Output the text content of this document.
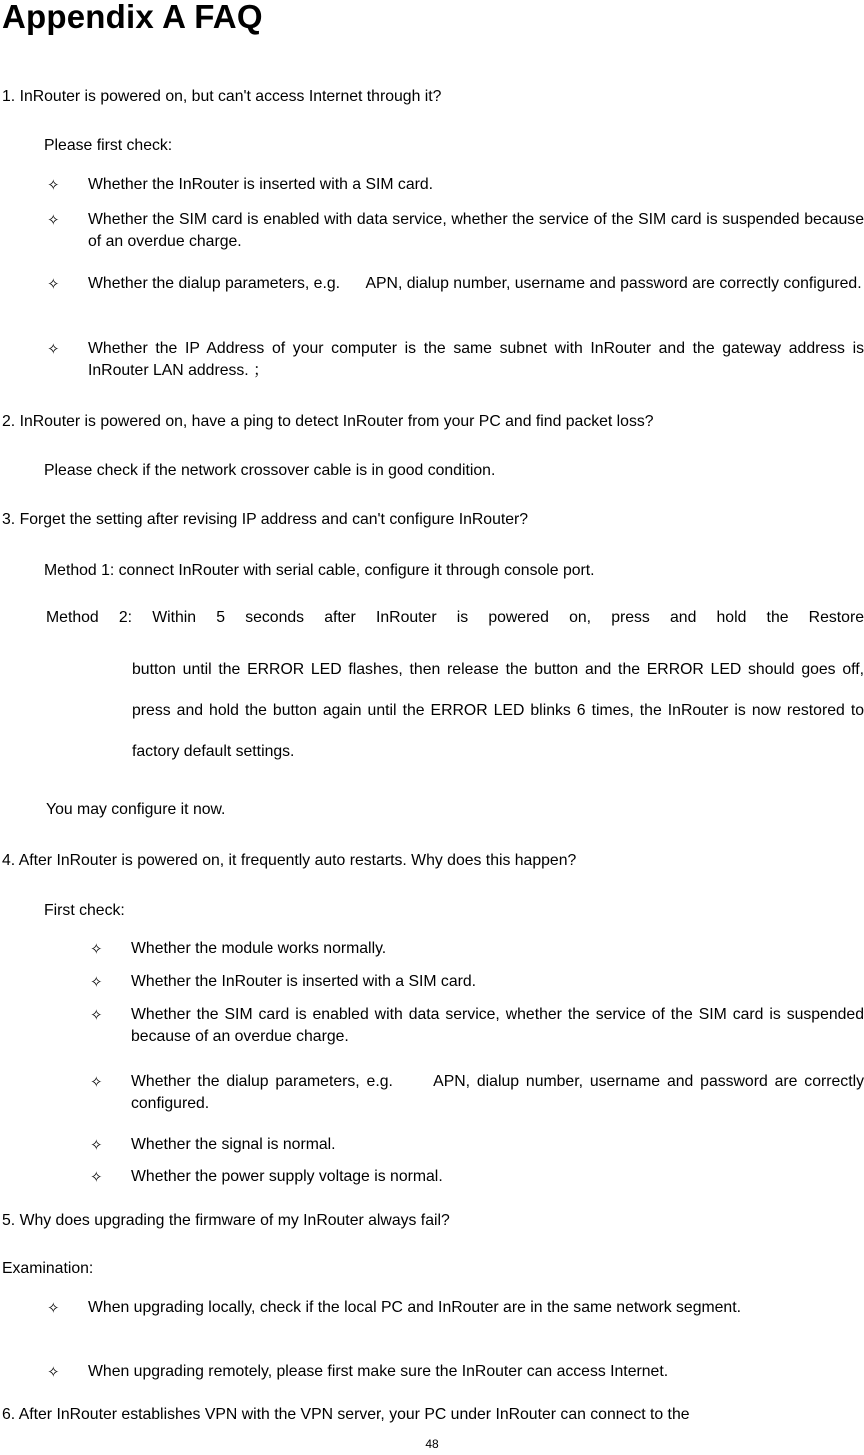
Appendix A FAQ
1. InRouter is powered on, but can't access Internet through it?
Please first check:
✧ Whether the InRouter is inserted with a SIM card.
✧ Whether the SIM card is enabled with data service, whether the service of the SIM card is suspended because of an overdue charge.
✧ Whether the dialup parameters, e.g.      APN, dialup number, username and password are correctly configured.
✧ Whether the IP Address of your computer is the same subnet with InRouter and the gateway address is InRouter LAN address. ；
2. InRouter is powered on, have a ping to detect InRouter from your PC and find packet loss?
Please check if the network crossover cable is in good condition.
3. Forget the setting after revising IP address and can't configure InRouter?
Method 1: connect InRouter with serial cable, configure it through console port.
Method 2: Within 5 seconds after InRouter is powered on, press and hold the Restore
button until the ERROR LED flashes, then release the button and the ERROR LED should goes off, press and hold the button again until the ERROR LED blinks 6 times, the InRouter is now restored to factory default settings.
You may configure it now.
4. After InRouter is powered on, it frequently auto restarts. Why does this happen?
First check:
✧ Whether the module works normally.
✧ Whether the InRouter is inserted with a SIM card.
✧ Whether the SIM card is enabled with data service, whether the service of the SIM card is suspended because of an overdue charge.
✧ Whether the dialup parameters, e.g.      APN, dialup number, username and password are correctly configured.
✧ Whether the signal is normal.
✧ Whether the power supply voltage is normal.
5. Why does upgrading the firmware of my InRouter always fail?
Examination:
✧ When upgrading locally, check if the local PC and InRouter are in the same network segment.
✧ When upgrading remotely, please first make sure the InRouter can access Internet.
6. After InRouter establishes VPN with the VPN server, your PC under InRouter can connect to the
48
